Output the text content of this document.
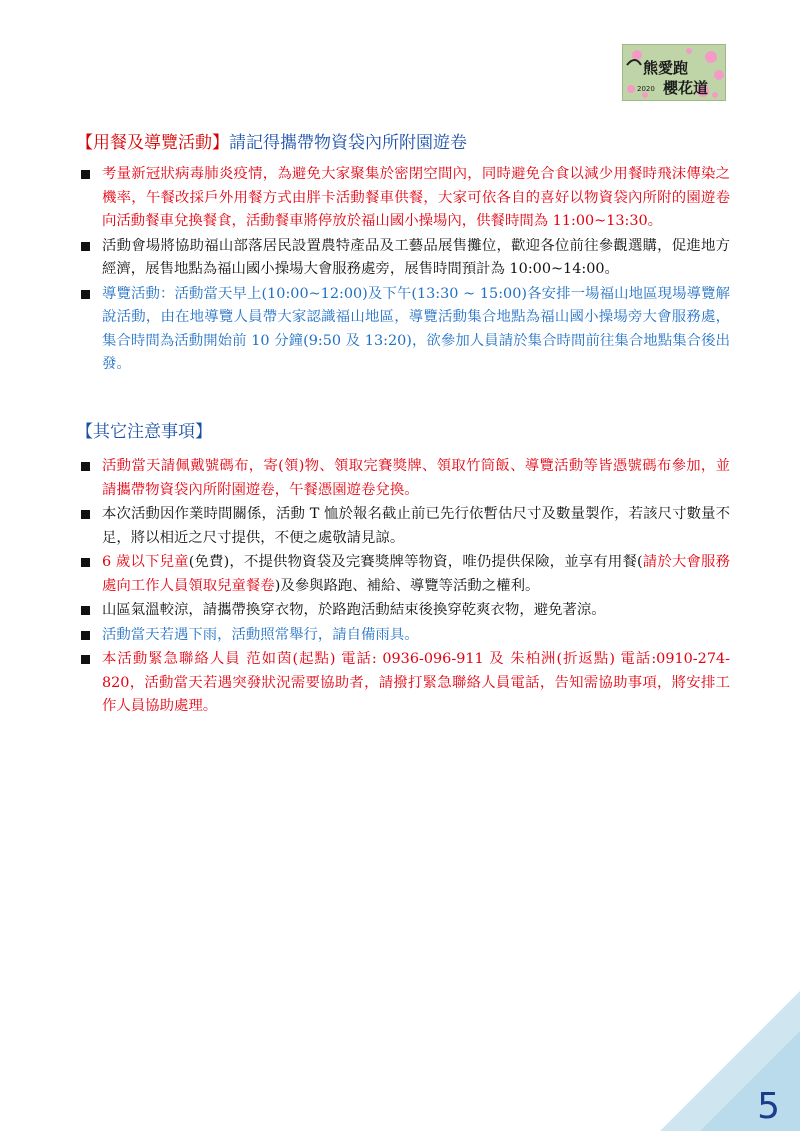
熊愛跑
2020 櫻花道
【用餐及導覽活動】請記得攜帶物資袋內所附園遊卷
考量新冠狀病毒肺炎疫情，為避免大家聚集於密閉空間內，同時避免合食以減少用餐時飛沫傳染之機率，午餐改採戶外用餐方式由胖卡活動餐車供餐，大家可依各自的喜好以物資袋內所附的園遊卷向活動餐車兌換餐食，活動餐車將停放於福山國小操場內，供餐時間為 11:00~13:30。
活動會場將協助福山部落居民設置農特產品及工藝品展售攤位，歡迎各位前往參觀選購，促進地方經濟，展售地點為福山國小操場大會服務處旁，展售時間預計為 10:00~14:00。
導覽活動：活動當天早上(10:00~12:00)及下午(13:30 ~ 15:00)各安排一場福山地區現場導覽解說活動，由在地導覽人員帶大家認識福山地區，導覽活動集合地點為福山國小操場旁大會服務處，集合時間為活動開始前 10 分鐘(9:50 及 13:20)，欲參加人員請於集合時間前往集合地點集合後出發。
【其它注意事項】
活動當天請佩戴號碼布，寄(領)物、領取完賽獎牌、領取竹筒飯、導覽活動等皆憑號碼布參加，並請攜帶物資袋內所附園遊卷，午餐憑園遊卷兌換。
本次活動因作業時間關係，活動 T 恤於報名截止前已先行依暫估尺寸及數量製作，若該尺寸數量不足，將以相近之尺寸提供，不便之處敬請見諒。
6 歲以下兒童(免費)，不提供物資袋及完賽獎牌等物資，唯仍提供保險，並享有用餐(請於大會服務處向工作人員領取兒童餐卷)及參與路跑、補給、導覽等活動之權利。
山區氣溫較涼，請攜帶換穿衣物，於路跑活動結束後換穿乾爽衣物，避免著涼。
活動當天若遇下雨，活動照常舉行，請自備雨具。
本活動緊急聯絡人員 范如茵(起點) 電話: 0936-096-911 及 朱柏洲(折返點) 電話:0910-274-820，活動當天若遇突發狀況需要協助者，請撥打緊急聯絡人員電話，告知需協助事項，將安排工作人員協助處理。
5
